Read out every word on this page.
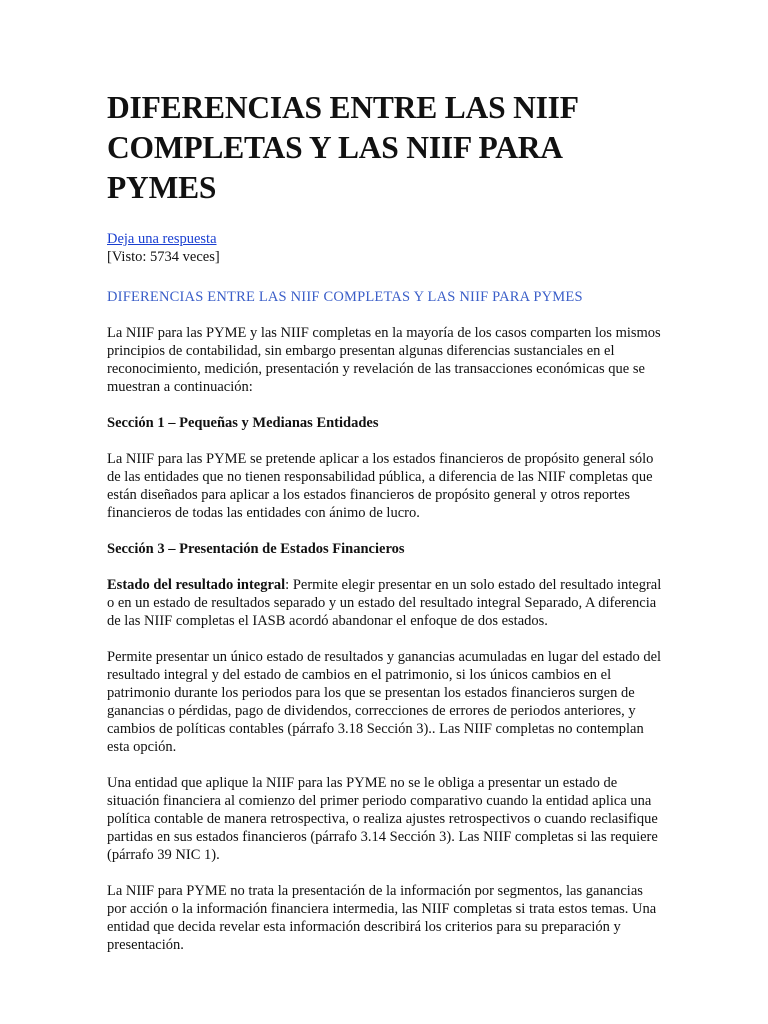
DIFERENCIAS ENTRE LAS NIIF COMPLETAS Y LAS NIIF PARA PYMES
Deja una respuesta
[Visto: 5734 veces]
DIFERENCIAS ENTRE LAS NIIF COMPLETAS Y LAS NIIF PARA PYMES

La NIIF para las PYME y las NIIF completas en la mayoría de los casos comparten los mismos principios de contabilidad, sin embargo presentan algunas diferencias sustanciales en el reconocimiento, medición, presentación y revelación de las transacciones económicas que se muestran a continuación:

Sección 1 – Pequeñas y Medianas Entidades

La NIIF para las PYME se pretende aplicar a los estados financieros de propósito general sólo de las entidades que no tienen responsabilidad pública, a diferencia de las NIIF completas que están diseñados para aplicar a los estados financieros de propósito general y otros reportes financieros de todas las entidades con ánimo de lucro.

Sección 3 – Presentación de Estados Financieros

Estado del resultado integral: Permite elegir presentar en un solo estado del resultado integral o en un estado de resultados separado y un estado del resultado integral Separado, A diferencia de las NIIF completas el IASB acordó abandonar el enfoque de dos estados.

Permite presentar un único estado de resultados y ganancias acumuladas en lugar del estado del resultado integral y del estado de cambios en el patrimonio, si los únicos cambios en el patrimonio durante los periodos para los que se presentan los estados financieros surgen de ganancias o pérdidas, pago de dividendos, correcciones de errores de periodos anteriores, y cambios de políticas contables (párrafo 3.18 Sección 3).. Las NIIF completas no contemplan esta opción.

Una entidad que aplique la NIIF para las PYME no se le obliga a presentar un estado de situación financiera al comienzo del primer periodo comparativo cuando la entidad aplica una política contable de manera retrospectiva, o realiza ajustes retrospectivos o cuando reclasifique partidas en sus estados financieros (párrafo 3.14 Sección 3). Las NIIF completas si las requiere (párrafo 39 NIC 1).

La NIIF para PYME no trata la presentación de la información por segmentos, las ganancias por acción o la información financiera intermedia, las NIIF completas si trata estos temas. Una entidad que decida revelar esta información describirá los criterios para su preparación y presentación.
